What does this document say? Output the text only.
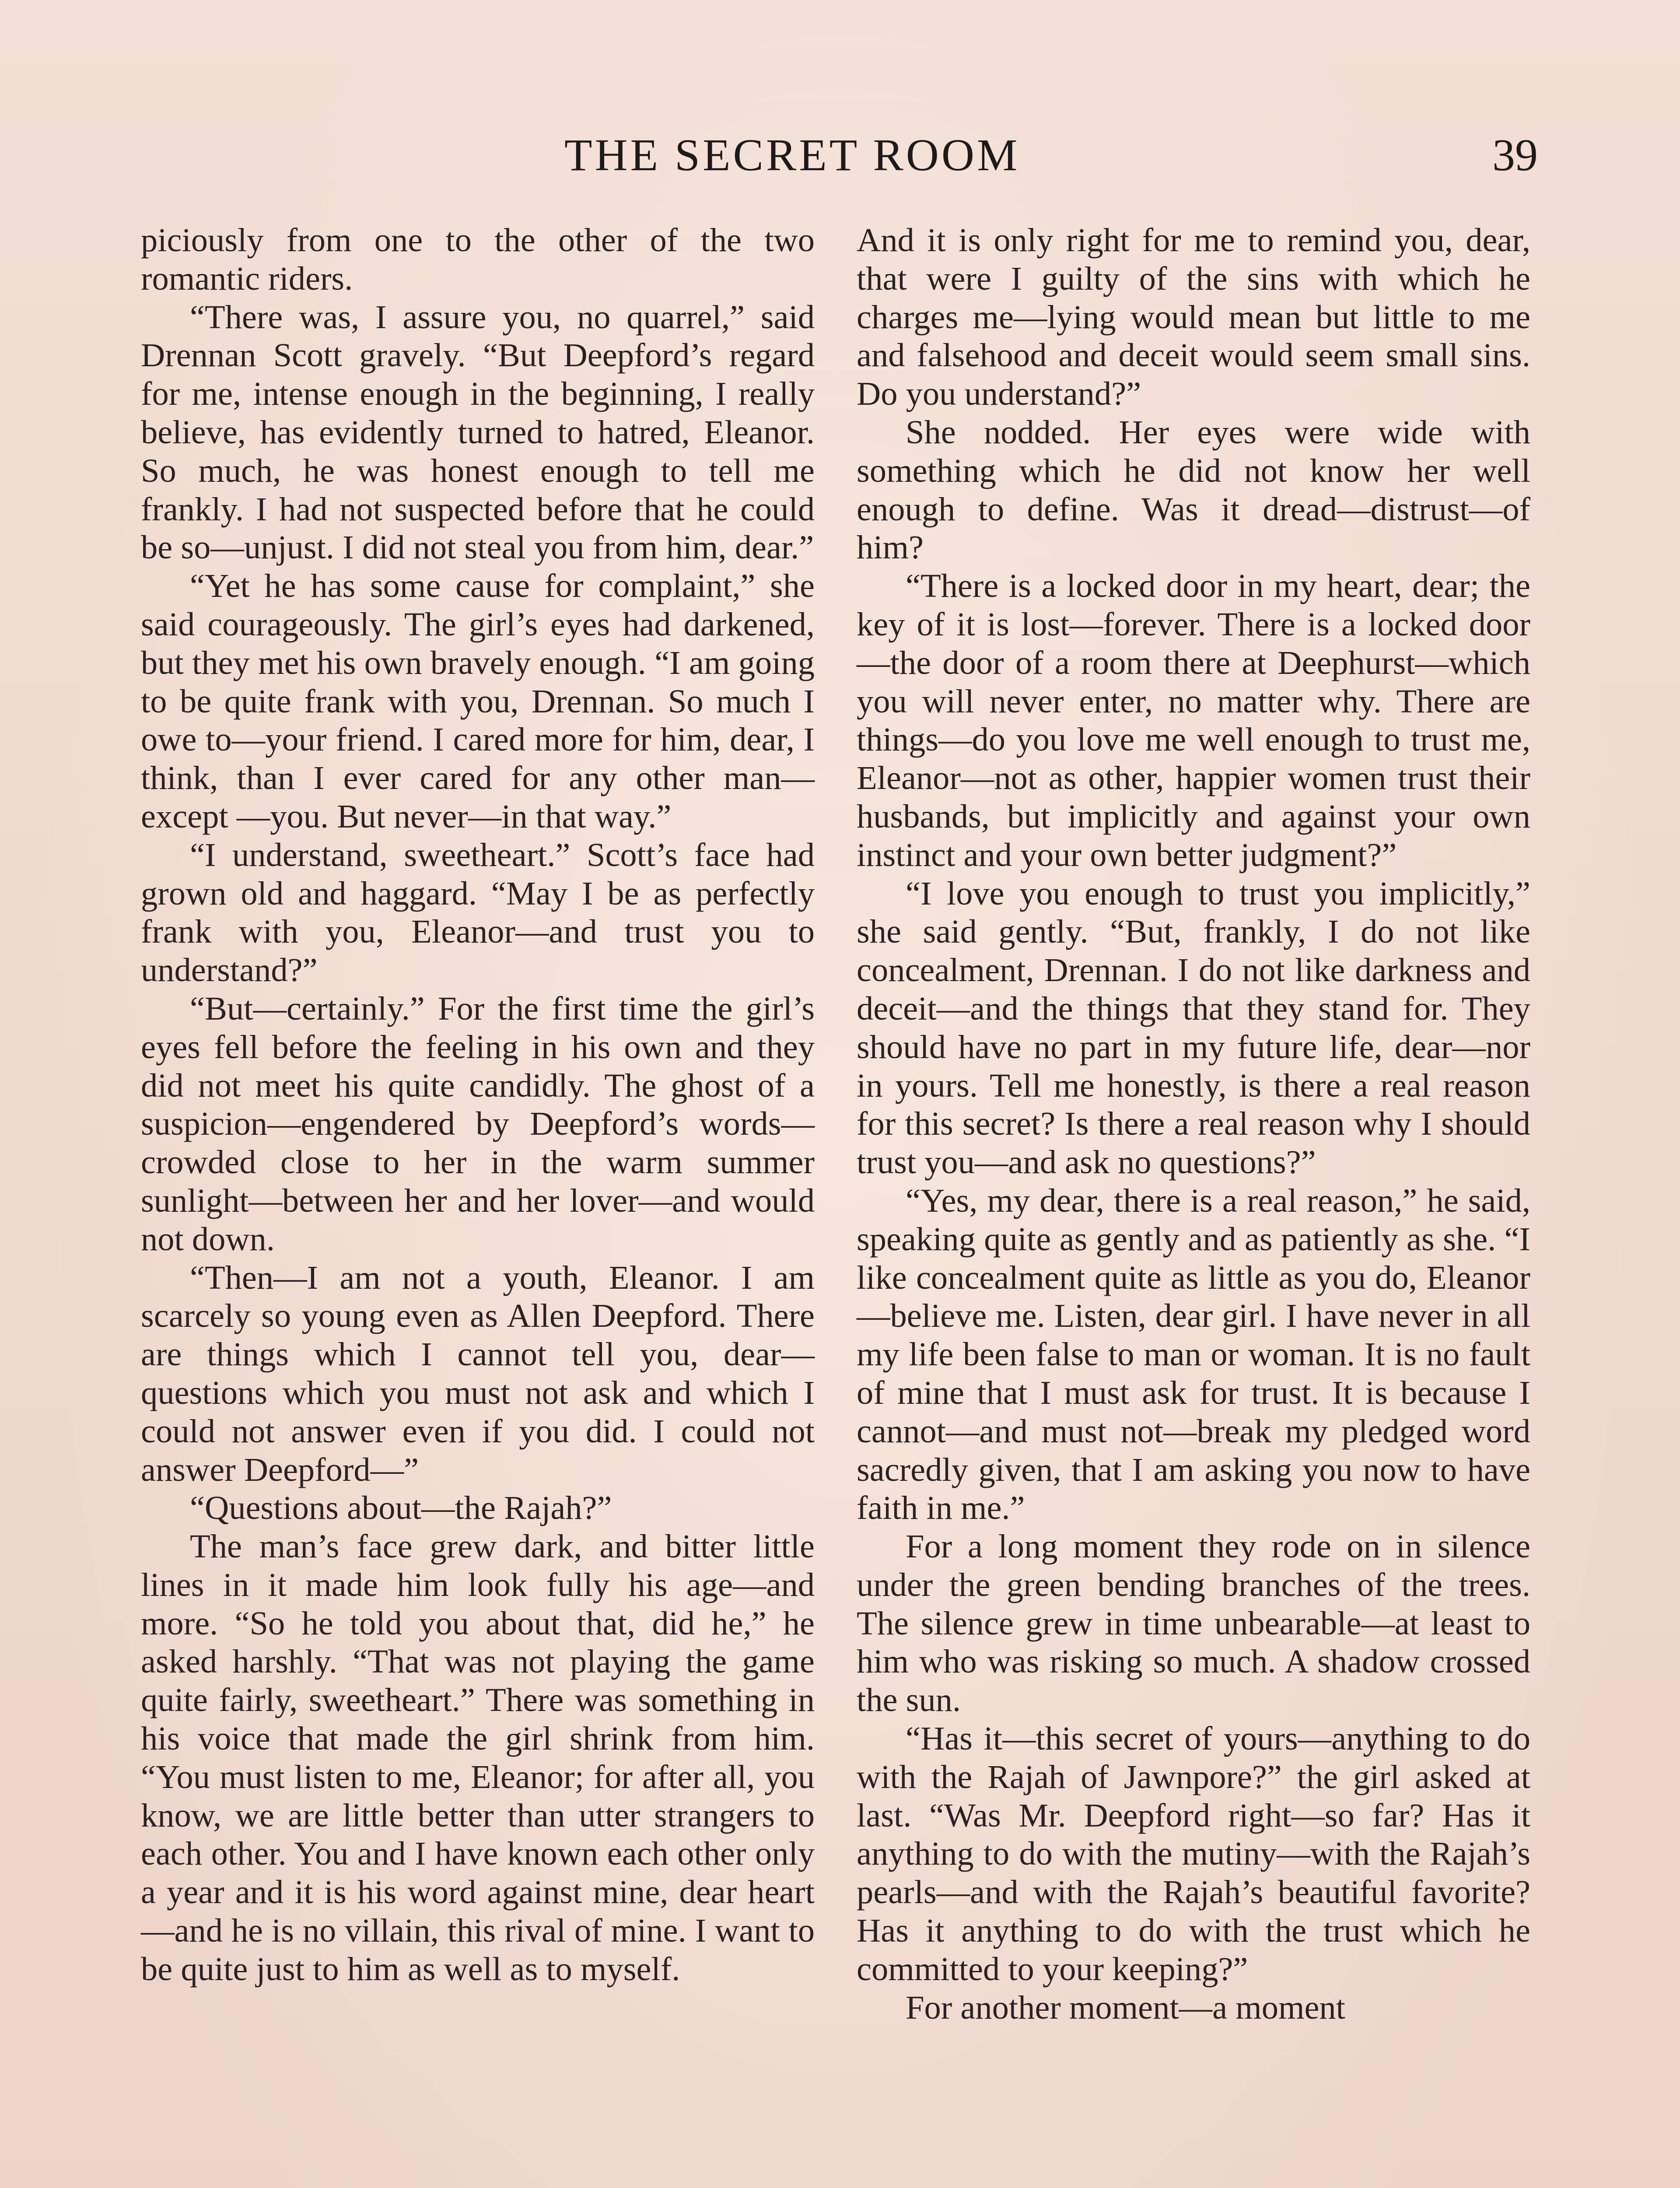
THE SECRET ROOM	39

piciously from one to the other of the two romantic riders.

“There was, I assure you, no quarrel,” said Drennan Scott gravely. “But Deepford’s regard for me, intense enough in the beginning, I really believe, has evidently turned to hatred, Eleanor. So much, he was honest enough to tell me frankly. I had not suspected before that he could be so—unjust. I did not steal you from him, dear.”

“Yet he has some cause for complaint,” she said courageously. The girl’s eyes had darkened, but they met his own bravely enough. “I am going to be quite frank with you, Drennan. So much I owe to—your friend. I cared more for him, dear, I think, than I ever cared for any other man—except —you. But never—in that way.”

“I understand, sweetheart.” Scott’s face had grown old and haggard. “May I be as perfectly frank with you, Eleanor—and trust you to understand?”

“But—certainly.” For the first time the girl’s eyes fell before the feeling in his own and they did not meet his quite candidly. The ghost of a suspicion—engendered by Deepford’s words—crowded close to her in the warm summer sunlight—between her and her lover—and would not down.

“Then—I am not a youth, Eleanor. I am scarcely so young even as Allen Deepford. There are things which I cannot tell you, dear—questions which you must not ask and which I could not answer even if you did. I could not answer Deepford—”

“Questions about—the Rajah?”

The man’s face grew dark, and bitter little lines in it made him look fully his age—and more. “So he told you about that, did he,” he asked harshly. “That was not playing the game quite fairly, sweetheart.” There was something in his voice that made the girl shrink from him. “You must listen to me, Eleanor; for after all, you know, we are little better than utter strangers to each other. You and I have known each other only a year and it is his word against mine, dear heart—and he is no villain, this rival of mine. I want to be quite just to him as well as to myself.

And it is only right for me to remind you, dear, that were I guilty of the sins with which he charges me—lying would mean but little to me and falsehood and deceit would seem small sins. Do you understand?”

She nodded. Her eyes were wide with something which he did not know her well enough to define. Was it dread—distrust—of him?

“There is a locked door in my heart, dear; the key of it is lost—forever. There is a locked door—the door of a room there at Deephurst—which you will never enter, no matter why. There are things—do you love me well enough to trust me, Eleanor—not as other, happier women trust their husbands, but implicitly and against your own instinct and your own better judgment?”

“I love you enough to trust you implicitly,” she said gently. “But, frankly, I do not like concealment, Drennan. I do not like darkness and deceit—and the things that they stand for. They should have no part in my future life, dear—nor in yours. Tell me honestly, is there a real reason for this secret? Is there a real reason why I should trust you—and ask no questions?”

“Yes, my dear, there is a real reason,” he said, speaking quite as gently and as patiently as she. “I like concealment quite as little as you do, Eleanor—believe me. Listen, dear girl. I have never in all my life been false to man or woman. It is no fault of mine that I must ask for trust. It is because I cannot—and must not—break my pledged word sacredly given, that I am asking you now to have faith in me.”

For a long moment they rode on in silence under the green bending branches of the trees. The silence grew in time unbearable—at least to him who was risking so much. A shadow crossed the sun.

“Has it—this secret of yours—anything to do with the Rajah of Jawnpore?” the girl asked at last. “Was Mr. Deepford right—so far? Has it anything to do with the mutiny—with the Rajah’s pearls—and with the Rajah’s beautiful favorite? Has it anything to do with the trust which he committed to your keeping?”

For another moment—a moment
